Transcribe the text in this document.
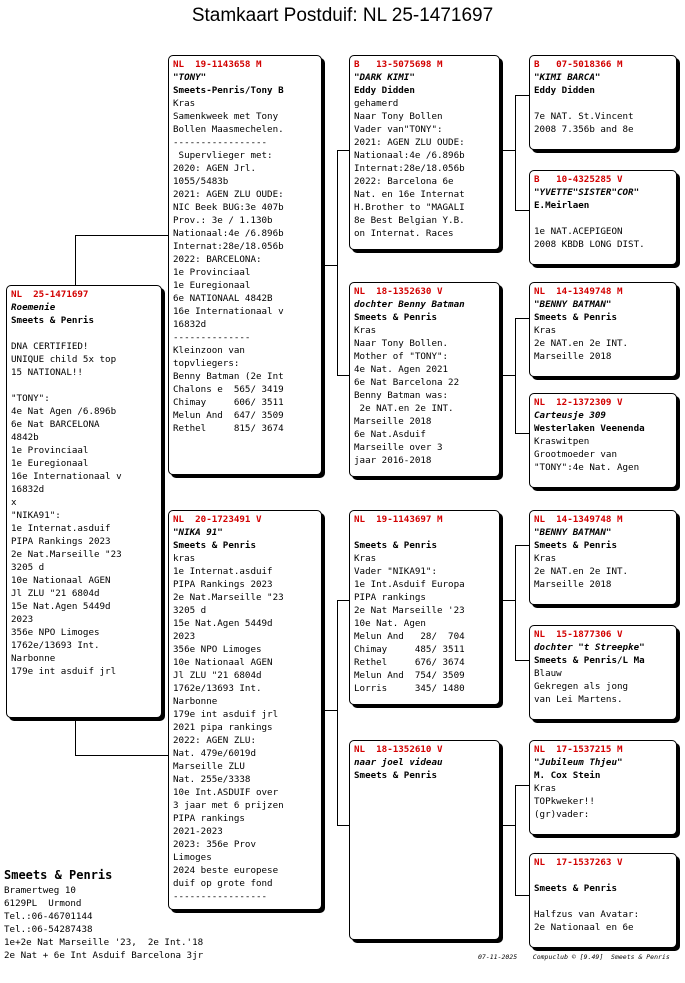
Stamkaart Postduif: NL 25-1471697
NL  25-1471697
Roemenie
Smeets & Penris

DNA CERTIFIED!
UNIQUE child 5x top
15 NATIONAL!!

"TONY":
4e Nat Agen /6.896b
6e Nat BARCELONA
4842b
1e Provinciaal
1e Euregionaal
16e Internationaal v
16832d
x
"NIKA91":
1e Internat.asduif
PIPA Rankings 2023
2e Nat.Marseille "23
3205 d
10e Nationaal AGEN
Jl ZLU "21 6804d
15e Nat.Agen 5449d
2023
356e NPO Limoges
1762e/13693 Int.
Narbonne
179e int asduif jrl
NL  19-1143658 M
"TONY"
Smeets-Penris/Tony B
Kras
Samenkweek met Tony
Bollen Maasmechelen.
-----------------
Supervlieger met:
2020: AGEN Jrl.
1055/5483b
2021: AGEN ZLU OUDE:
NIC Beek BUG:3e 407b
Prov.: 3e / 1.130b
Nationaal:4e /6.896b
Internat:28e/18.056b
2022: BARCELONA:
1e Provinciaal
1e Euregionaal
6e NATIONAAL 4842B
16e Internationaal v
16832d
--------------
Kleinzoon van
topvliegers:
Benny Batman (2e Int
Chalons e  565/ 3419
Chimay     606/ 3511
Melun And  647/ 3509
Rethel     815/ 3674
NL  20-1723491 V
"NIKA 91"
Smeets & Penris
kras
1e Internat.asduif
PIPA Rankings 2023
2e Nat.Marseille "23
3205 d
15e Nat.Agen 5449d
2023
356e NPO Limoges
10e Nationaal AGEN
Jl ZLU "21 6804d
1762e/13693 Int.
Narbonne
179e int asduif jrl
2021 pipa rankings
2022: AGEN ZLU:
Nat. 479e/6019d
Marseille ZLU
Nat. 255e/3338
10e Int.ASDUIF over
3 jaar met 6 prijzen
PIPA rankings
2021-2023
2023: 356e Prov
Limoges
2024 beste europese
duif op grote fond
-----------------
B   13-5075698 M
"DARK KIMI"
Eddy Didden
gehamerd
Naar Tony Bollen
Vader van"TONY":
2021: AGEN ZLU OUDE:
Nationaal:4e /6.896b
Internat:28e/18.056b
2022: Barcelona 6e
Nat. en 16e Internat
H.Brother to "MAGALI
8e Best Belgian Y.B.
on Internat. Races
NL  18-1352630 V
dochter Benny Batman
Smeets & Penris
Kras
Naar Tony Bollen.
Mother of "TONY":
4e Nat. Agen 2021
6e Nat Barcelona 22
Benny Batman was:
2e NAT.en 2e INT.
Marseille 2018
6e Nat.Asduif
Marseille over 3
jaar 2016-2018
NL  19-1143697 M

Smeets & Penris
Kras
Vader "NIKA91":
1e Int.Asduif Europa
PIPA rankings
2e Nat Marseille '23
10e Nat. Agen
Melun And   28/  704
Chimay     485/ 3511
Rethel     676/ 3674
Melun And  754/ 3509
Lorris     345/ 1480
NL  18-1352610 V
naar joel videau
Smeets & Penris
B   07-5018366 M
"KIMI BARCA"
Eddy Didden

7e NAT. St.Vincent
2008 7.356b and 8e
B   10-4325285 V
"YVETTE"SISTER"COR"
E.Meirlaen

1e NAT.ACEPIGEON
2008 KBDB LONG DIST.
NL  14-1349748 M
"BENNY BATMAN"
Smeets & Penris
Kras
2e NAT.en 2e INT.
Marseille 2018
NL  12-1372309 V
Carteusje 309
Westerlaken Veenenda
Kraswitpen
Grootmoeder van
"TONY":4e Nat. Agen
NL  14-1349748 M
"BENNY BATMAN"
Smeets & Penris
Kras
2e NAT.en 2e INT.
Marseille 2018
NL  15-1877306 V
dochter "t Streepke"
Smeets & Penris/L Ma
Blauw
Gekregen als jong
van Lei Martens.
NL  17-1537215 M
"Jubileum Thjeu"
M. Cox Stein
Kras
TOPkweker!!
(gr)vader:
NL  17-1537263 V

Smeets & Penris

Halfzus van Avatar:
2e Nationaal en 6e
Smeets & Penris
Bramertweg 10
6129PL  Urmond
Tel.:06-46701144
Tel.:06-54287438
1e+2e Nat Marseille '23,  2e Int.'18
2e Nat + 6e Int Asduif Barcelona 3jr	07-11-2025    Compuclub © [9.49]  Smeets & Penris
